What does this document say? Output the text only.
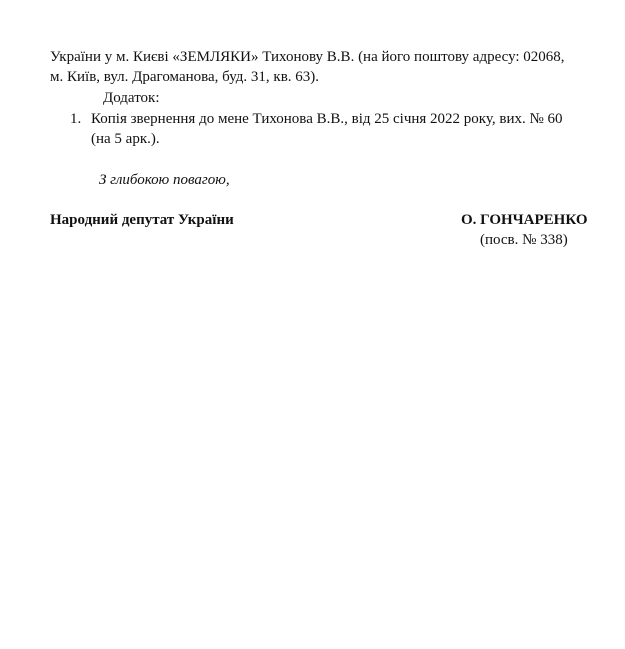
України у м. Києві «ЗЕМЛЯКИ» Тихонову В.В. (на його поштову адресу: 02068,
м. Київ, вул. Драгоманова, буд. 31, кв. 63).
Додаток:
1. Копія звернення до мене Тихонова В.В., від 25 січня 2022 року, вих. № 60
(на 5 арк.).
З глибокою повагою,
Народний депутат України	О. ГОНЧАРЕНКО
(посв. № 338)
